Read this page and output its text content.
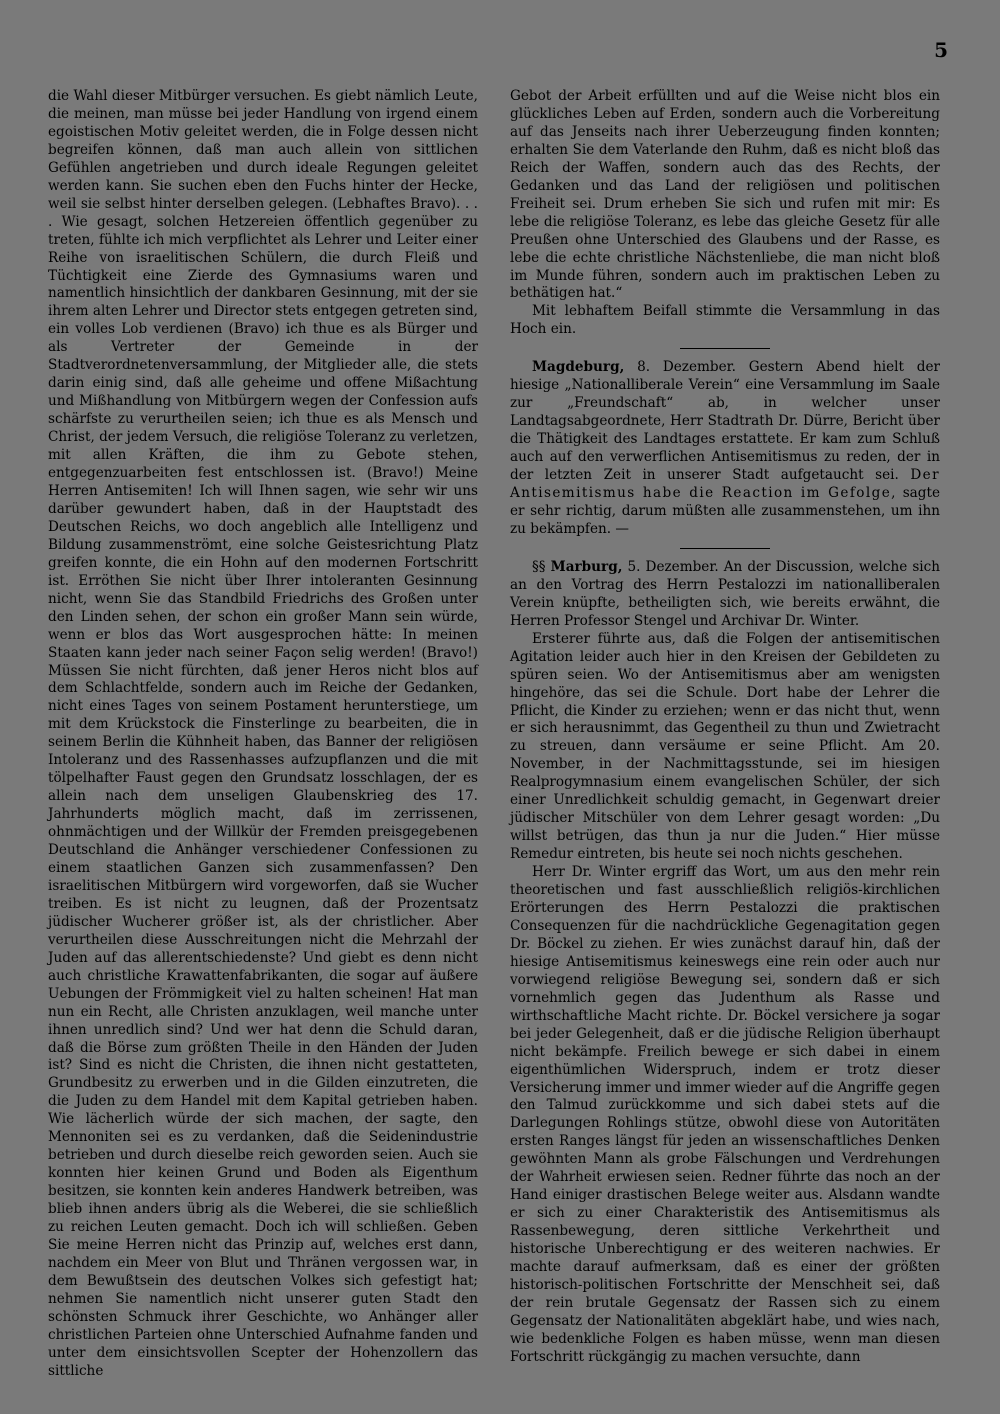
5

die Wahl dieser Mitbürger versuchen. Es giebt nämlich Leute, die meinen, man müsse bei jeder Handlung von irgend einem egoistischen Motiv geleitet werden, die in Folge dessen nicht begreifen können, daß man auch allein von sittlichen Gefühlen angetrieben und durch ideale Regungen geleitet werden kann. Sie suchen eben den Fuchs hinter der Hecke, weil sie selbst hinter derselben gelegen. (Lebhaftes Bravo). . . . Wie gesagt, solchen Hetzereien öffentlich gegenüber zu treten, fühlte ich mich verpflichtet als Lehrer und Leiter einer Reihe von israelitischen Schülern, die durch Fleiß und Tüchtigkeit eine Zierde des Gymnasiums waren und namentlich hinsichtlich der dankbaren Gesinnung, mit der sie ihrem alten Lehrer und Director stets entgegen getreten sind, ein volles Lob verdienen (Bravo) ich thue es als Bürger und als Vertreter der Gemeinde in der Stadtverordnetenversammlung, der Mitglieder alle, die stets darin einig sind, daß alle geheime und offene Mißachtung und Mißhandlung von Mitbürgern wegen der Confession aufs schärfste zu verurtheilen seien; ich thue es als Mensch und Christ, der jedem Versuch, die religiöse Toleranz zu verletzen, mit allen Kräften, die ihm zu Gebote stehen, entgegenzuarbeiten fest entschlossen ist. (Bravo!) Meine Herren Antisemiten! Ich will Ihnen sagen, wie sehr wir uns darüber gewundert haben, daß in der Hauptstadt des Deutschen Reichs, wo doch angeblich alle Intelligenz und Bildung zusammenströmt, eine solche Geistesrichtung Platz greifen konnte, die ein Hohn auf den modernen Fortschritt ist. Erröthen Sie nicht über Ihrer intoleranten Gesinnung nicht, wenn Sie das Standbild Friedrichs des Großen unter den Linden sehen, der schon ein großer Mann sein würde, wenn er blos das Wort ausgesprochen hätte: In meinen Staaten kann jeder nach seiner Façon selig werden! (Bravo!) Müssen Sie nicht fürchten, daß jener Heros nicht blos auf dem Schlachtfelde, sondern auch im Reiche der Gedanken, nicht eines Tages von seinem Postament herunterstiege, um mit dem Krückstock die Finsterlinge zu bearbeiten, die in seinem Berlin die Kühnheit haben, das Banner der religiösen Intoleranz und des Rassenhasses aufzupflanzen und die mit tölpelhafter Faust gegen den Grundsatz losschlagen, der es allein nach dem unseligen Glaubenskrieg des 17. Jahrhunderts möglich macht, daß im zerrissenen, ohnmächtigen und der Willkür der Fremden preisgegebenen Deutschland die Anhänger verschiedener Confessionen zu einem staatlichen Ganzen sich zusammenfassen? Den israelitischen Mitbürgern wird vorgeworfen, daß sie Wucher treiben. Es ist nicht zu leugnen, daß der Prozentsatz jüdischer Wucherer größer ist, als der christlicher. Aber verurtheilen diese Ausschreitungen nicht die Mehrzahl der Juden auf das allerentschiedenste? Und giebt es denn nicht auch christliche Krawattenfabrikanten, die sogar auf äußere Uebungen der Frömmigkeit viel zu halten scheinen! Hat man nun ein Recht, alle Christen anzuklagen, weil manche unter ihnen unredlich sind? Und wer hat denn die Schuld daran, daß die Börse zum größten Theile in den Händen der Juden ist? Sind es nicht die Christen, die ihnen nicht gestatteten, Grundbesitz zu erwerben und in die Gilden einzutreten, die die Juden zu dem Handel mit dem Kapital getrieben haben. Wie lächerlich würde der sich machen, der sagte, den Mennoniten sei es zu verdanken, daß die Seidenindustrie betrieben und durch dieselbe reich geworden seien. Auch sie konnten hier keinen Grund und Boden als Eigenthum besitzen, sie konnten kein anderes Handwerk betreiben, was blieb ihnen anders übrig als die Weberei, die sie schließlich zu reichen Leuten gemacht. Doch ich will schließen. Geben Sie meine Herren nicht das Prinzip auf, welches erst dann, nachdem ein Meer von Blut und Thränen vergossen war, in dem Bewußtsein des deutschen Volkes sich gefestigt hat; nehmen Sie namentlich nicht unserer guten Stadt den schönsten Schmuck ihrer Geschichte, wo Anhänger aller christlichen Parteien ohne Unterschied Aufnahme fanden und unter dem einsichtsvollen Scepter der Hohenzollern das sittliche

Gebot der Arbeit erfüllten und auf die Weise nicht blos ein glückliches Leben auf Erden, sondern auch die Vorbereitung auf das Jenseits nach ihrer Ueberzeugung finden konnten; erhalten Sie dem Vaterlande den Ruhm, daß es nicht bloß das Reich der Waffen, sondern auch das des Rechts, der Gedanken und das Land der religiösen und politischen Freiheit sei. Drum erheben Sie sich und rufen mit mir: Es lebe die religiöse Toleranz, es lebe das gleiche Gesetz für alle Preußen ohne Unterschied des Glaubens und der Rasse, es lebe die echte christliche Nächstenliebe, die man nicht bloß im Munde führen, sondern auch im praktischen Leben zu bethätigen hat.“

Mit lebhaftem Beifall stimmte die Versammlung in das Hoch ein.

Magdeburg, 8. Dezember. Gestern Abend hielt der hiesige „Nationalliberale Verein“ eine Versammlung im Saale zur „Freundschaft“ ab, in welcher unser Landtagsabgeordnete, Herr Stadtrath Dr. Dürre, Bericht über die Thätigkeit des Landtages erstattete. Er kam zum Schluß auch auf den verwerflichen Antisemitismus zu reden, der in der letzten Zeit in unserer Stadt aufgetaucht sei. Der Antisemitismus habe die Reaction im Gefolge, sagte er sehr richtig, darum müßten alle zusammenstehen, um ihn zu bekämpfen. —

§§ Marburg, 5. Dezember. An der Discussion, welche sich an den Vortrag des Herrn Pestalozzi im nationalliberalen Verein knüpfte, betheiligten sich, wie bereits erwähnt, die Herren Professor Stengel und Archivar Dr. Winter.

Ersterer führte aus, daß die Folgen der antisemitischen Agitation leider auch hier in den Kreisen der Gebildeten zu spüren seien. Wo der Antisemitismus aber am wenigsten hingehöre, das sei die Schule. Dort habe der Lehrer die Pflicht, die Kinder zu erziehen; wenn er das nicht thut, wenn er sich herausnimmt, das Gegentheil zu thun und Zwietracht zu streuen, dann versäume er seine Pflicht. Am 20. November, in der Nachmittagsstunde, sei im hiesigen Realprogymnasium einem evangelischen Schüler, der sich einer Unredlichkeit schuldig gemacht, in Gegenwart dreier jüdischer Mitschüler von dem Lehrer gesagt worden: „Du willst betrügen, das thun ja nur die Juden.“ Hier müsse Remedur eintreten, bis heute sei noch nichts geschehen.

Herr Dr. Winter ergriff das Wort, um aus den mehr rein theoretischen und fast ausschließlich religiös-kirchlichen Erörterungen des Herrn Pestalozzi die praktischen Consequenzen für die nachdrückliche Gegenagitation gegen Dr. Böckel zu ziehen. Er wies zunächst darauf hin, daß der hiesige Antisemitismus keineswegs eine rein oder auch nur vorwiegend religiöse Bewegung sei, sondern daß er sich vornehmlich gegen das Judenthum als Rasse und wirthschaftliche Macht richte. Dr. Böckel versichere ja sogar bei jeder Gelegenheit, daß er die jüdische Religion überhaupt nicht bekämpfe. Freilich bewege er sich dabei in einem eigenthümlichen Widerspruch, indem er trotz dieser Versicherung immer und immer wieder auf die Angriffe gegen den Talmud zurückkomme und sich dabei stets auf die Darlegungen Rohlings stütze, obwohl diese von Autoritäten ersten Ranges längst für jeden an wissenschaftliches Denken gewöhnten Mann als grobe Fälschungen und Verdrehungen der Wahrheit erwiesen seien. Redner führte das noch an der Hand einiger drastischen Belege weiter aus. Alsdann wandte er sich zu einer Charakteristik des Antisemitismus als Rassenbewegung, deren sittliche Verkehrtheit und historische Unberechtigung er des weiteren nachwies. Er machte darauf aufmerksam, daß es einer der größten historisch-politischen Fortschritte der Menschheit sei, daß der rein brutale Gegensatz der Rassen sich zu einem Gegensatz der Nationalitäten abgeklärt habe, und wies nach, wie bedenkliche Folgen es haben müsse, wenn man diesen Fortschritt rückgängig zu machen versuchte, dann
